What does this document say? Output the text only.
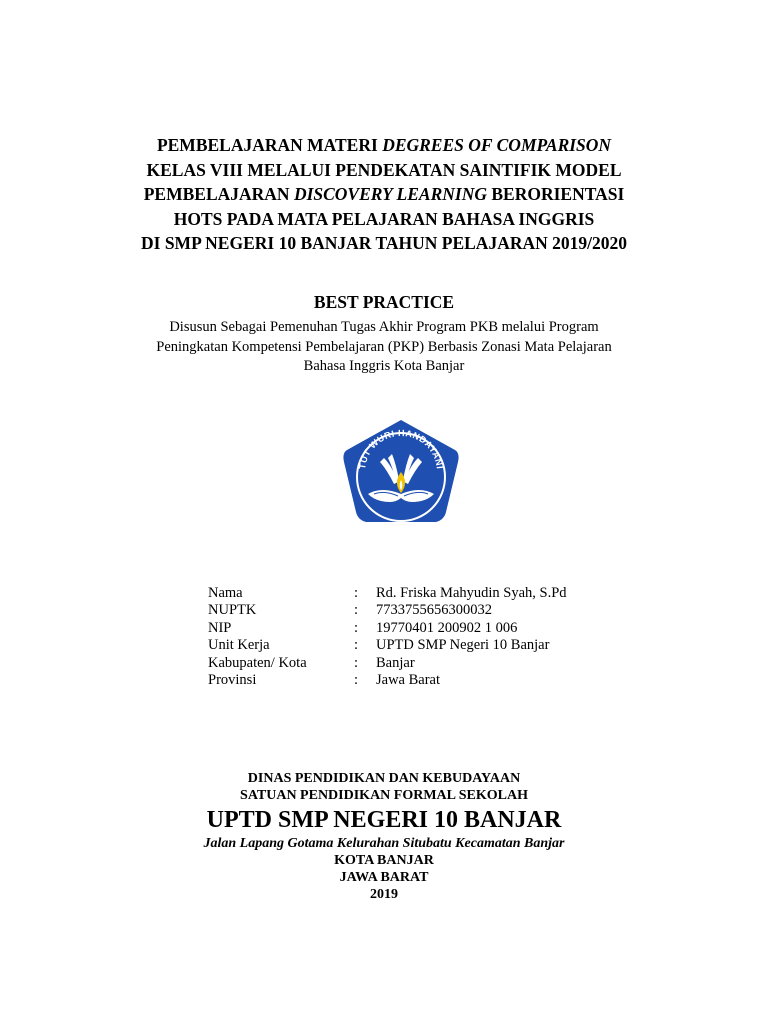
PEMBELAJARAN MATERI DEGREES OF COMPARISON
KELAS VIII MELALUI PENDEKATAN SAINTIFIK MODEL
PEMBELAJARAN DISCOVERY LEARNING BERORIENTASI
HOTS PADA MATA PELAJARAN BAHASA INGGRIS
DI SMP NEGERI 10 BANJAR TAHUN PELAJARAN 2019/2020
BEST PRACTICE
Disusun Sebagai Pemenuhan Tugas Akhir Program PKB melalui Program
Peningkatan Kompetensi Pembelajaran (PKP) Berbasis Zonasi Mata Pelajaran
Bahasa Inggris Kota Banjar
TUT WURI HANDAYANI
Nama	:	Rd. Friska Mahyudin Syah, S.Pd
NUPTK	:	7733755656300032
NIP	:	19770401 200902 1 006
Unit Kerja	:	UPTD SMP Negeri 10 Banjar
Kabupaten/ Kota	:	Banjar
Provinsi	:	Jawa Barat
DINAS PENDIDIKAN DAN KEBUDAYAAN
SATUAN PENDIDIKAN FORMAL SEKOLAH
UPTD SMP NEGERI 10 BANJAR
Jalan Lapang Gotama Kelurahan Situbatu Kecamatan Banjar
KOTA BANJAR
JAWA BARAT
2019
